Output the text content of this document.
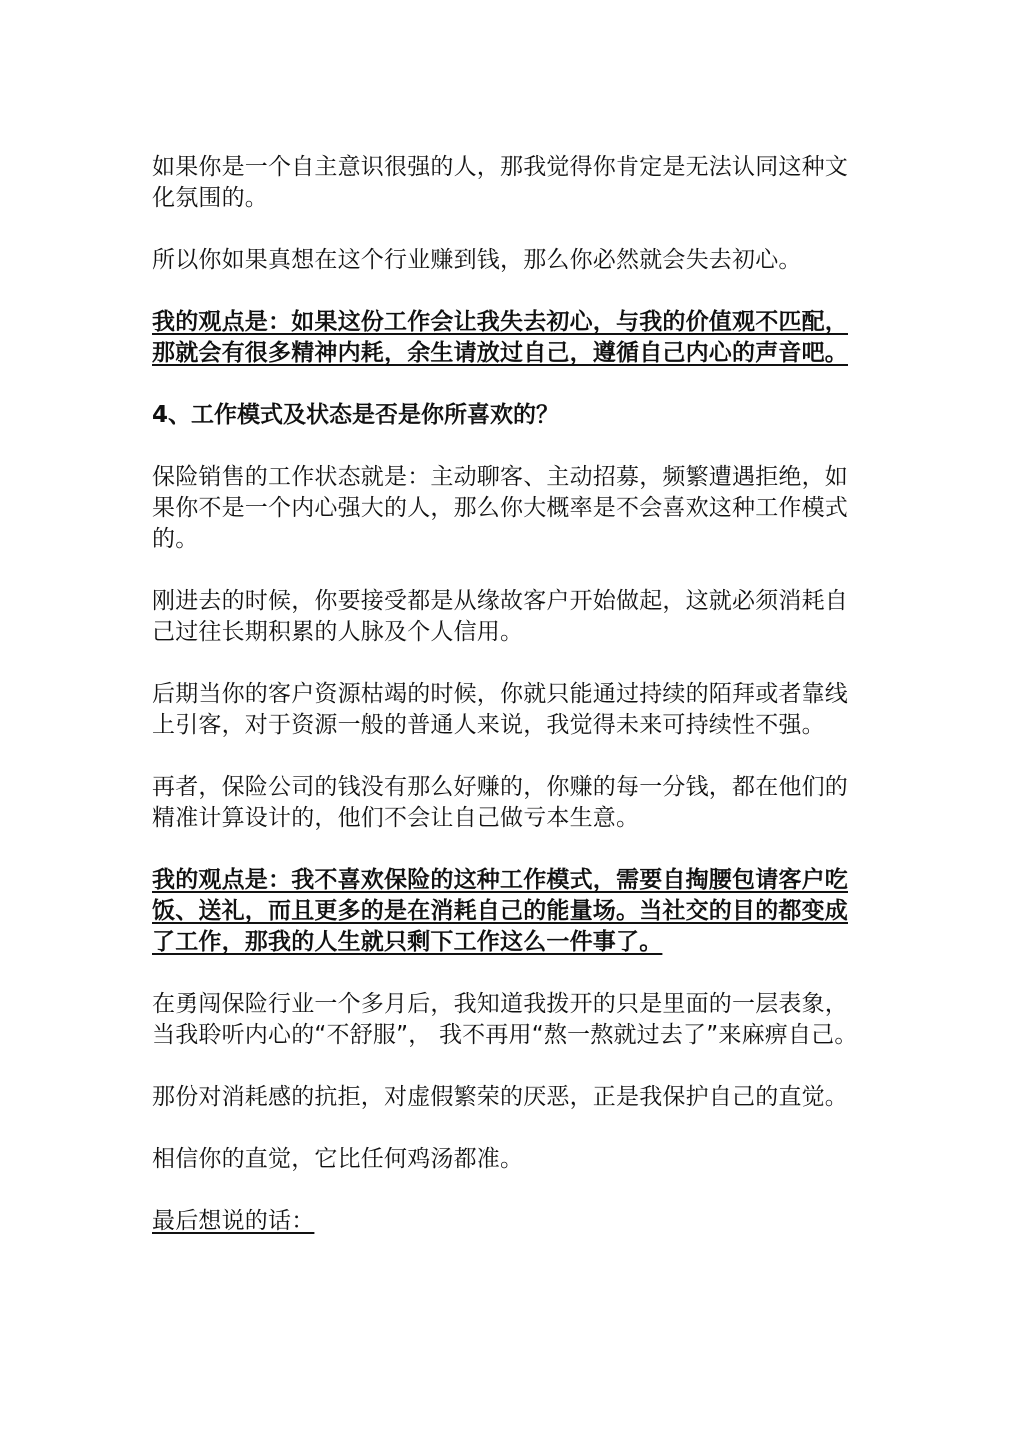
如果你是一个自主意识很强的人，那我觉得你肯定是无法认同这种文化氛围的。

所以你如果真想在这个行业赚到钱，那么你必然就会失去初心。

我的观点是：如果这份工作会让我失去初心，与我的价值观不匹配，那就会有很多精神内耗，余生请放过自己，遵循自己内心的声音吧。

4、工作模式及状态是否是你所喜欢的？

保险销售的工作状态就是：主动聊客、主动招募，频繁遭遇拒绝，如果你不是一个内心强大的人，那么你大概率是不会喜欢这种工作模式的。

刚进去的时候，你要接受都是从缘故客户开始做起，这就必须消耗自己过往长期积累的人脉及个人信用。

后期当你的客户资源枯竭的时候，你就只能通过持续的陌拜或者靠线上引客，对于资源一般的普通人来说，我觉得未来可持续性不强。

再者，保险公司的钱没有那么好赚的，你赚的每一分钱，都在他们的精准计算设计的，他们不会让自己做亏本生意。

我的观点是：我不喜欢保险的这种工作模式，需要自掏腰包请客户吃饭、送礼，而且更多的是在消耗自己的能量场。当社交的目的都变成了工作，那我的人生就只剩下工作这么一件事了。

在勇闯保险行业一个多月后，我知道我拨开的只是里面的一层表象，当我聆听内心的“不舒服”， 我不再用“熬一熬就过去了”来麻痹自己。

那份对消耗感的抗拒，对虚假繁荣的厌恶，正是我保护自己的直觉。

相信你的直觉，它比任何鸡汤都准。

最后想说的话：
